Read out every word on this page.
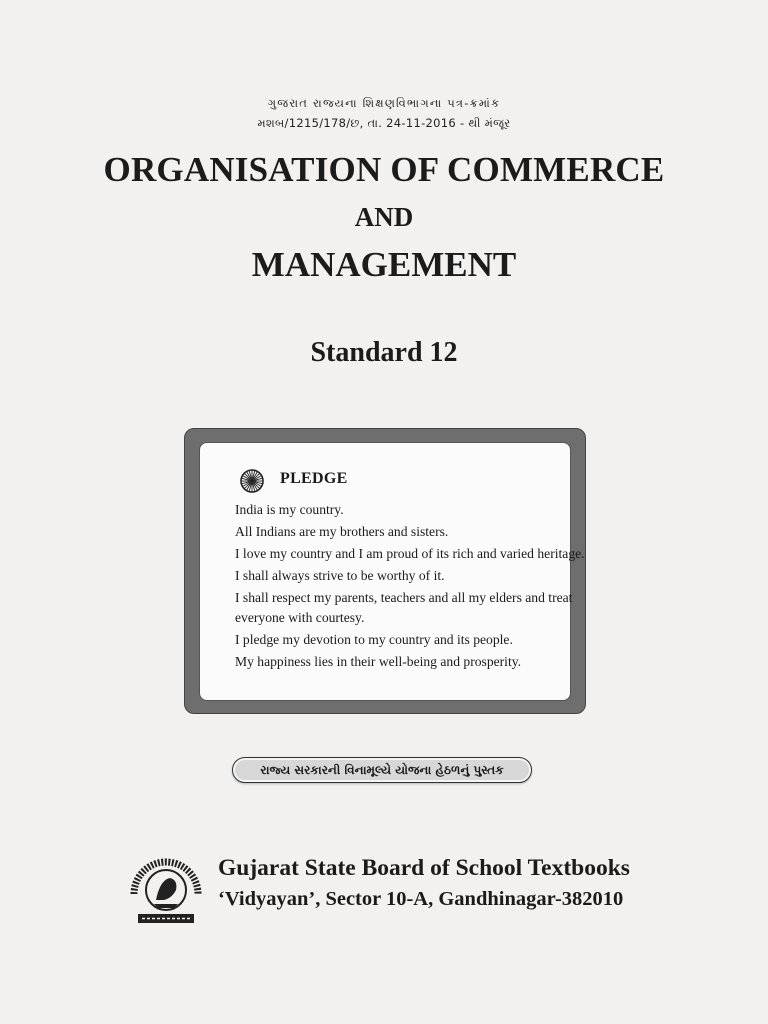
ગુજરાત રાજ્યના શિક્ષણવિભાગના પત્ર-ક્રમાંક
મશબ/1215/178/છ, તા. 24-11-2016 - થી મંજૂર
ORGANISATION OF COMMERCE
AND
MANAGEMENT
Standard 12
PLEDGE

India is my country.

All Indians are my brothers and sisters.

I love my country and I am proud of its rich and varied heritage.

I shall always strive to be worthy of it.

I shall respect my parents, teachers and all my elders and treat everyone with courtesy.

I pledge my devotion to my country and its people.

My happiness lies in their well-being and prosperity.

રાજ્ય સરકારની વિનામૂલ્યે યોજના હેઠળનું પુસ્તક
Gujarat State Board of School Textbooks
‘Vidyayan’, Sector 10-A, Gandhinagar-382010
